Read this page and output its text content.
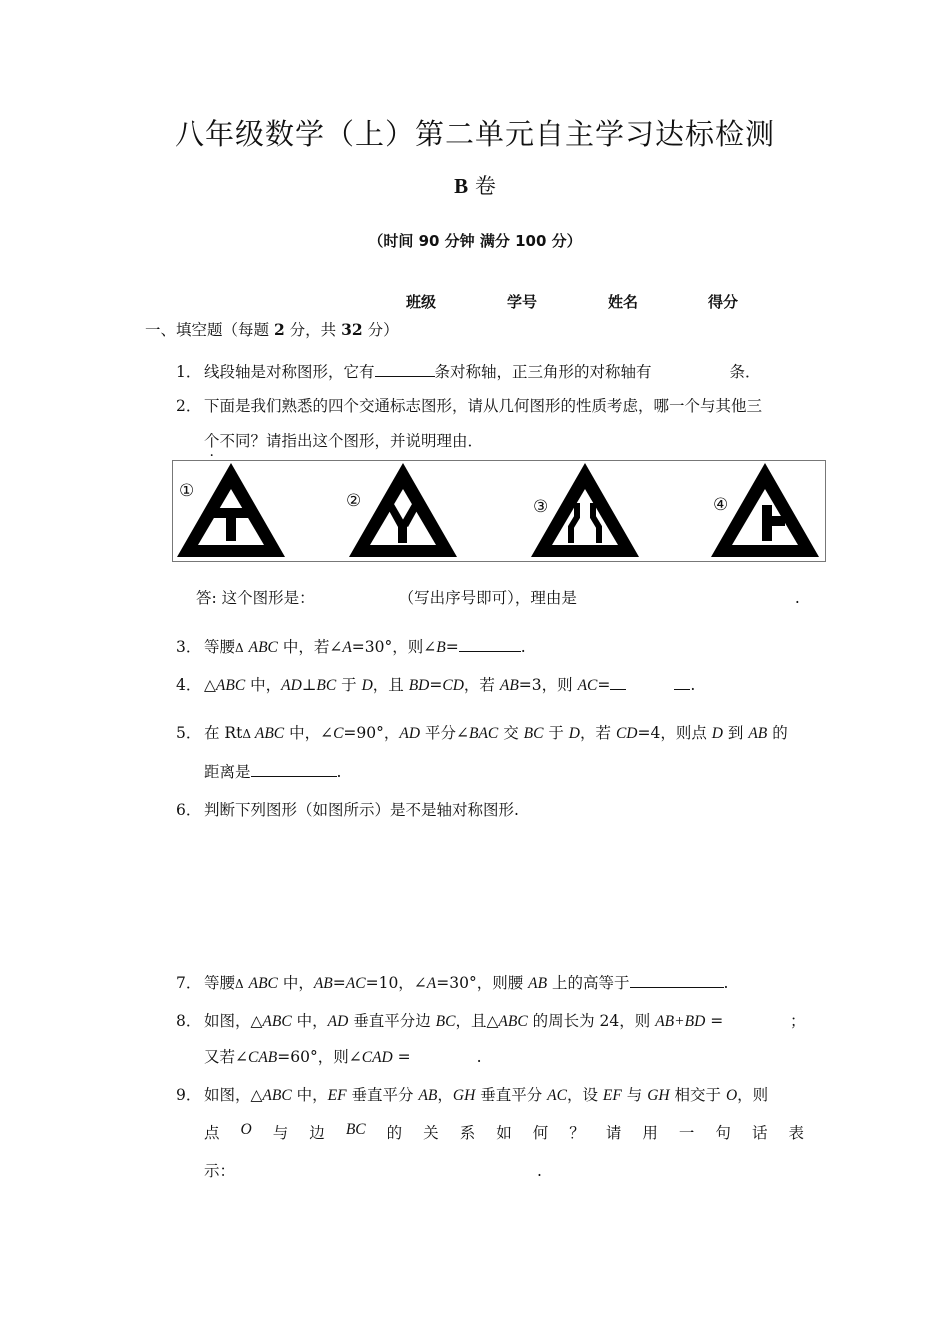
八年级数学（上）第二单元自主学习达标检测
B 卷
（时间 90 分钟 满分 100 分）
班级	学号	姓名	得分
一、填空题（每题 2 分，共 32 分）
1． 线段轴是对称图形，它有	条对称轴，正三角形的对称轴有	条．
2． 下面是我们熟悉的四个交通标志图形，请从几何图形的性质考虑，哪一个与其他三
个不同？请指出这个图形，并说明理由．
①	②	③	④
答: 这个图形是：	（写出序号即可），理由是	.
3． 等腰Δ ABC 中，若∠A=30°，则∠B=	.
4． △ABC 中，AD⊥BC 于 D，且 BD=CD，若 AB=3，则 AC=	.
5． 在 RtΔ ABC 中，∠C=90°，AD 平分∠BAC 交 BC 于 D，若 CD=4，则点 D 到 AB 的
距离是	.
6． 判断下列图形（如图所示）是不是轴对称图形.
7． 等腰Δ ABC 中，AB=AC=10，∠A=30°，则腰 AB 上的高等于	.
8． 如图，△ABC 中，AD 垂直平分边 BC，且△ABC 的周长为 24，则 AB+BD =	；
又若∠CAB=60°，则∠CAD =	.
9． 如图，△ABC 中，EF 垂直平分 AB，GH 垂直平分 AC，设 EF 与 GH 相交于 O，则
点 O 与 边 BC 的 关 系 如 何 ？ 请 用 一 句 话 表
示：	.
